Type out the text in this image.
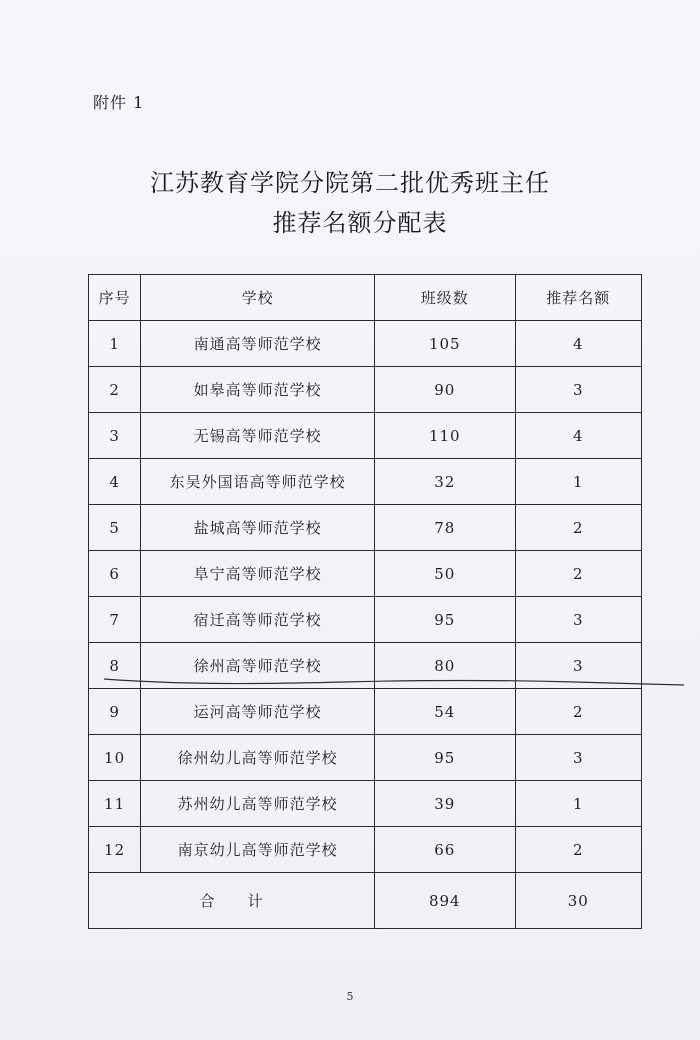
附件 1
江苏教育学院分院第二批优秀班主任
推荐名额分配表
序号	学校	班级数	推荐名额
1	南通高等师范学校	105	4
2	如皋高等师范学校	90	3
3	无锡高等师范学校	110	4
4	东吴外国语高等师范学校	32	1
5	盐城高等师范学校	78	2
6	阜宁高等师范学校	50	2
7	宿迁高等师范学校	95	3
8	徐州高等师范学校	80	3
9	运河高等师范学校	54	2
10	徐州幼儿高等师范学校	95	3
11	苏州幼儿高等师范学校	39	1
12	南京幼儿高等师范学校	66	2
合　　计		894	30
5
